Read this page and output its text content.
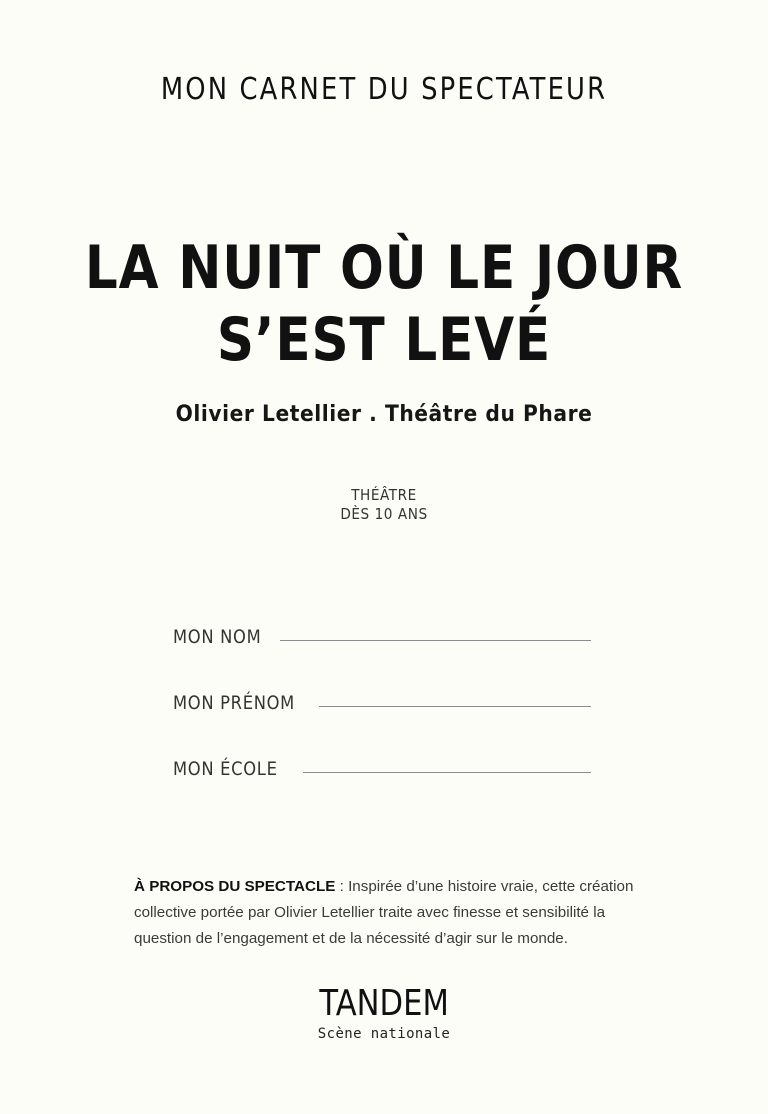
MON CARNET DU SPECTATEUR
LA NUIT OÙ LE JOUR
S’EST LEVÉ
Olivier Letellier . Théâtre du Phare
THÉÂTRE
DÈS 10 ANS
MON NOM
MON PRÉNOM
MON ÉCOLE
À PROPOS DU SPECTACLE : Inspirée d’une histoire vraie, cette création collective portée par Olivier Letellier traite avec finesse et sensibilité la question de l’engagement et de la nécessité d’agir sur le monde.
TANDEM
Scène nationale
